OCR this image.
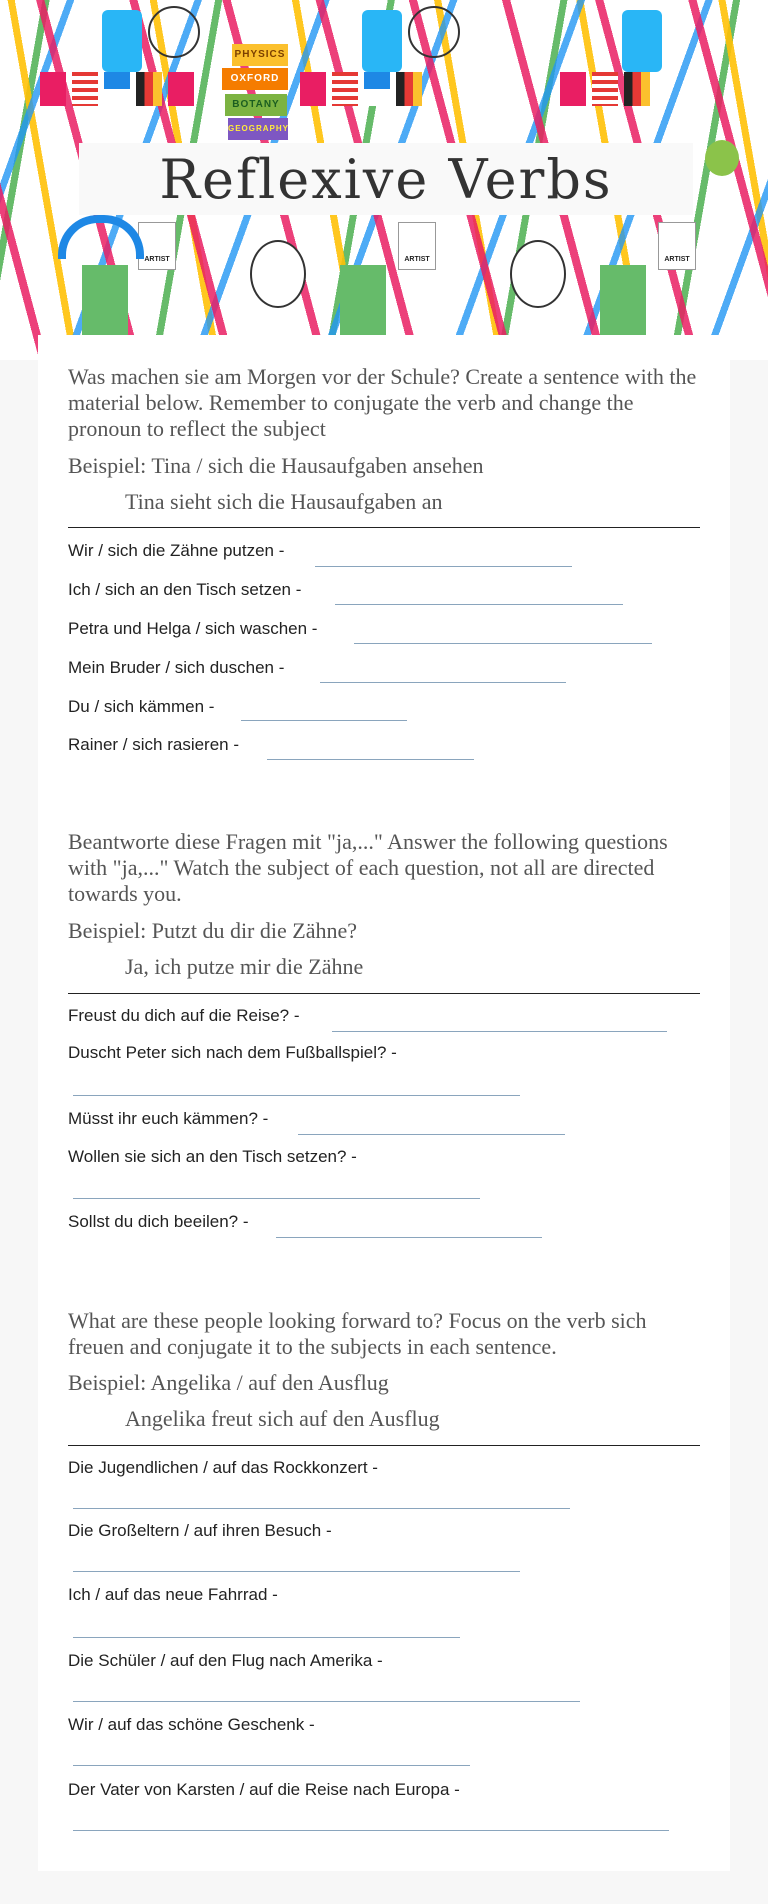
PHYSICS
OXFORD
BOTANY
GEOGRAPHY
ARTIST	ARTIST	ARTIST
Reflexive Verbs
Was machen sie am Morgen vor der Schule? Create a sentence with the material below. Remember to conjugate the verb and change the pronoun to reflect the subject
Beispiel: Tina / sich die Hausaufgaben ansehen
Tina sieht sich die Hausaufgaben an
Wir / sich die Zähne putzen -
Ich / sich an den Tisch setzen -
Petra und Helga / sich waschen -
Mein Bruder / sich duschen -
Du / sich kämmen -
Rainer / sich rasieren -
Beantworte diese Fragen mit "ja,..." Answer the following questions with "ja,..." Watch the subject of each question, not all are directed towards you.
Beispiel: Putzt du dir die Zähne?
Ja, ich putze mir die Zähne
Freust du dich auf die Reise? -
Duscht Peter sich nach dem Fußballspiel? -
Müsst ihr euch kämmen? -
Wollen sie sich an den Tisch setzen? -
Sollst du dich beeilen? -
What are these people looking forward to? Focus on the verb sich freuen and conjugate it to the subjects in each sentence.
Beispiel: Angelika / auf den Ausflug
Angelika freut sich auf den Ausflug
Die Jugendlichen / auf das Rockkonzert -
Die Großeltern / auf ihren Besuch -
Ich / auf das neue Fahrrad -
Die Schüler / auf den Flug nach Amerika -
Wir / auf das schöne Geschenk -
Der Vater von Karsten / auf die Reise nach Europa -
